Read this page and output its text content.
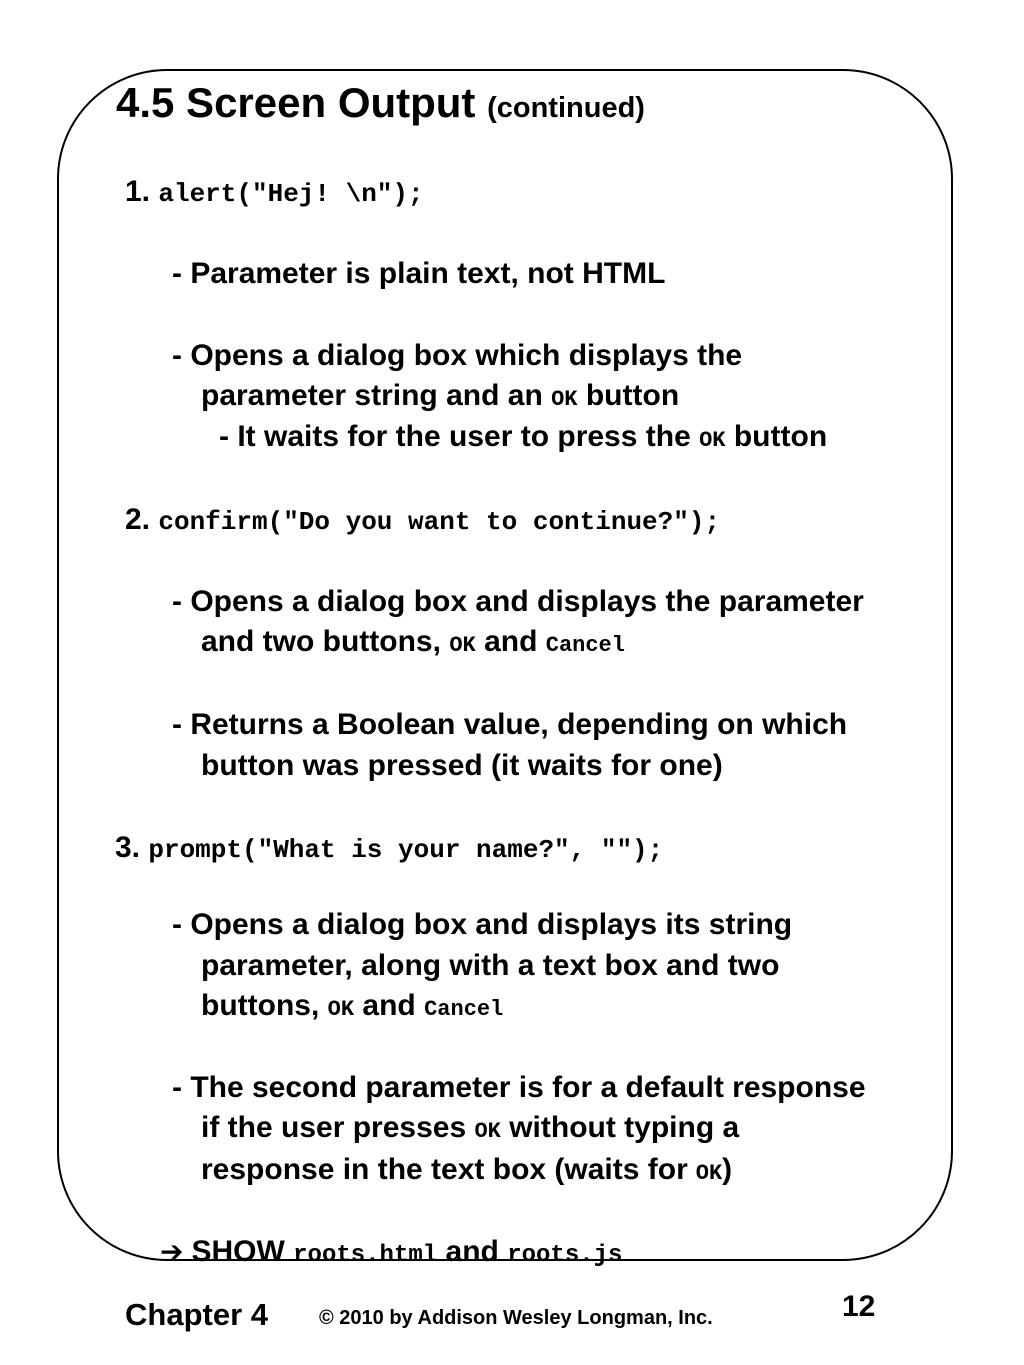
4.5 Screen Output (continued)
1. alert("Hej! \n");
- Parameter is plain text, not HTML
- Opens a dialog box which displays the
parameter string and an OK button
- It waits for the user to press the OK button
2. confirm("Do you want to continue?");
- Opens a dialog box and displays the parameter
and two buttons, OK and Cancel
- Returns a Boolean value, depending on which
button was pressed (it waits for one)
3. prompt("What is your name?", "");
- Opens a dialog box and displays its string
parameter, along with a text box and two
buttons, OK and Cancel
- The second parameter is for a default response
if the user presses OK without typing a
response in the text box (waits for OK)
➔ SHOW roots.html and roots.js
Chapter 4	© 2010 by Addison Wesley Longman, Inc.	12
